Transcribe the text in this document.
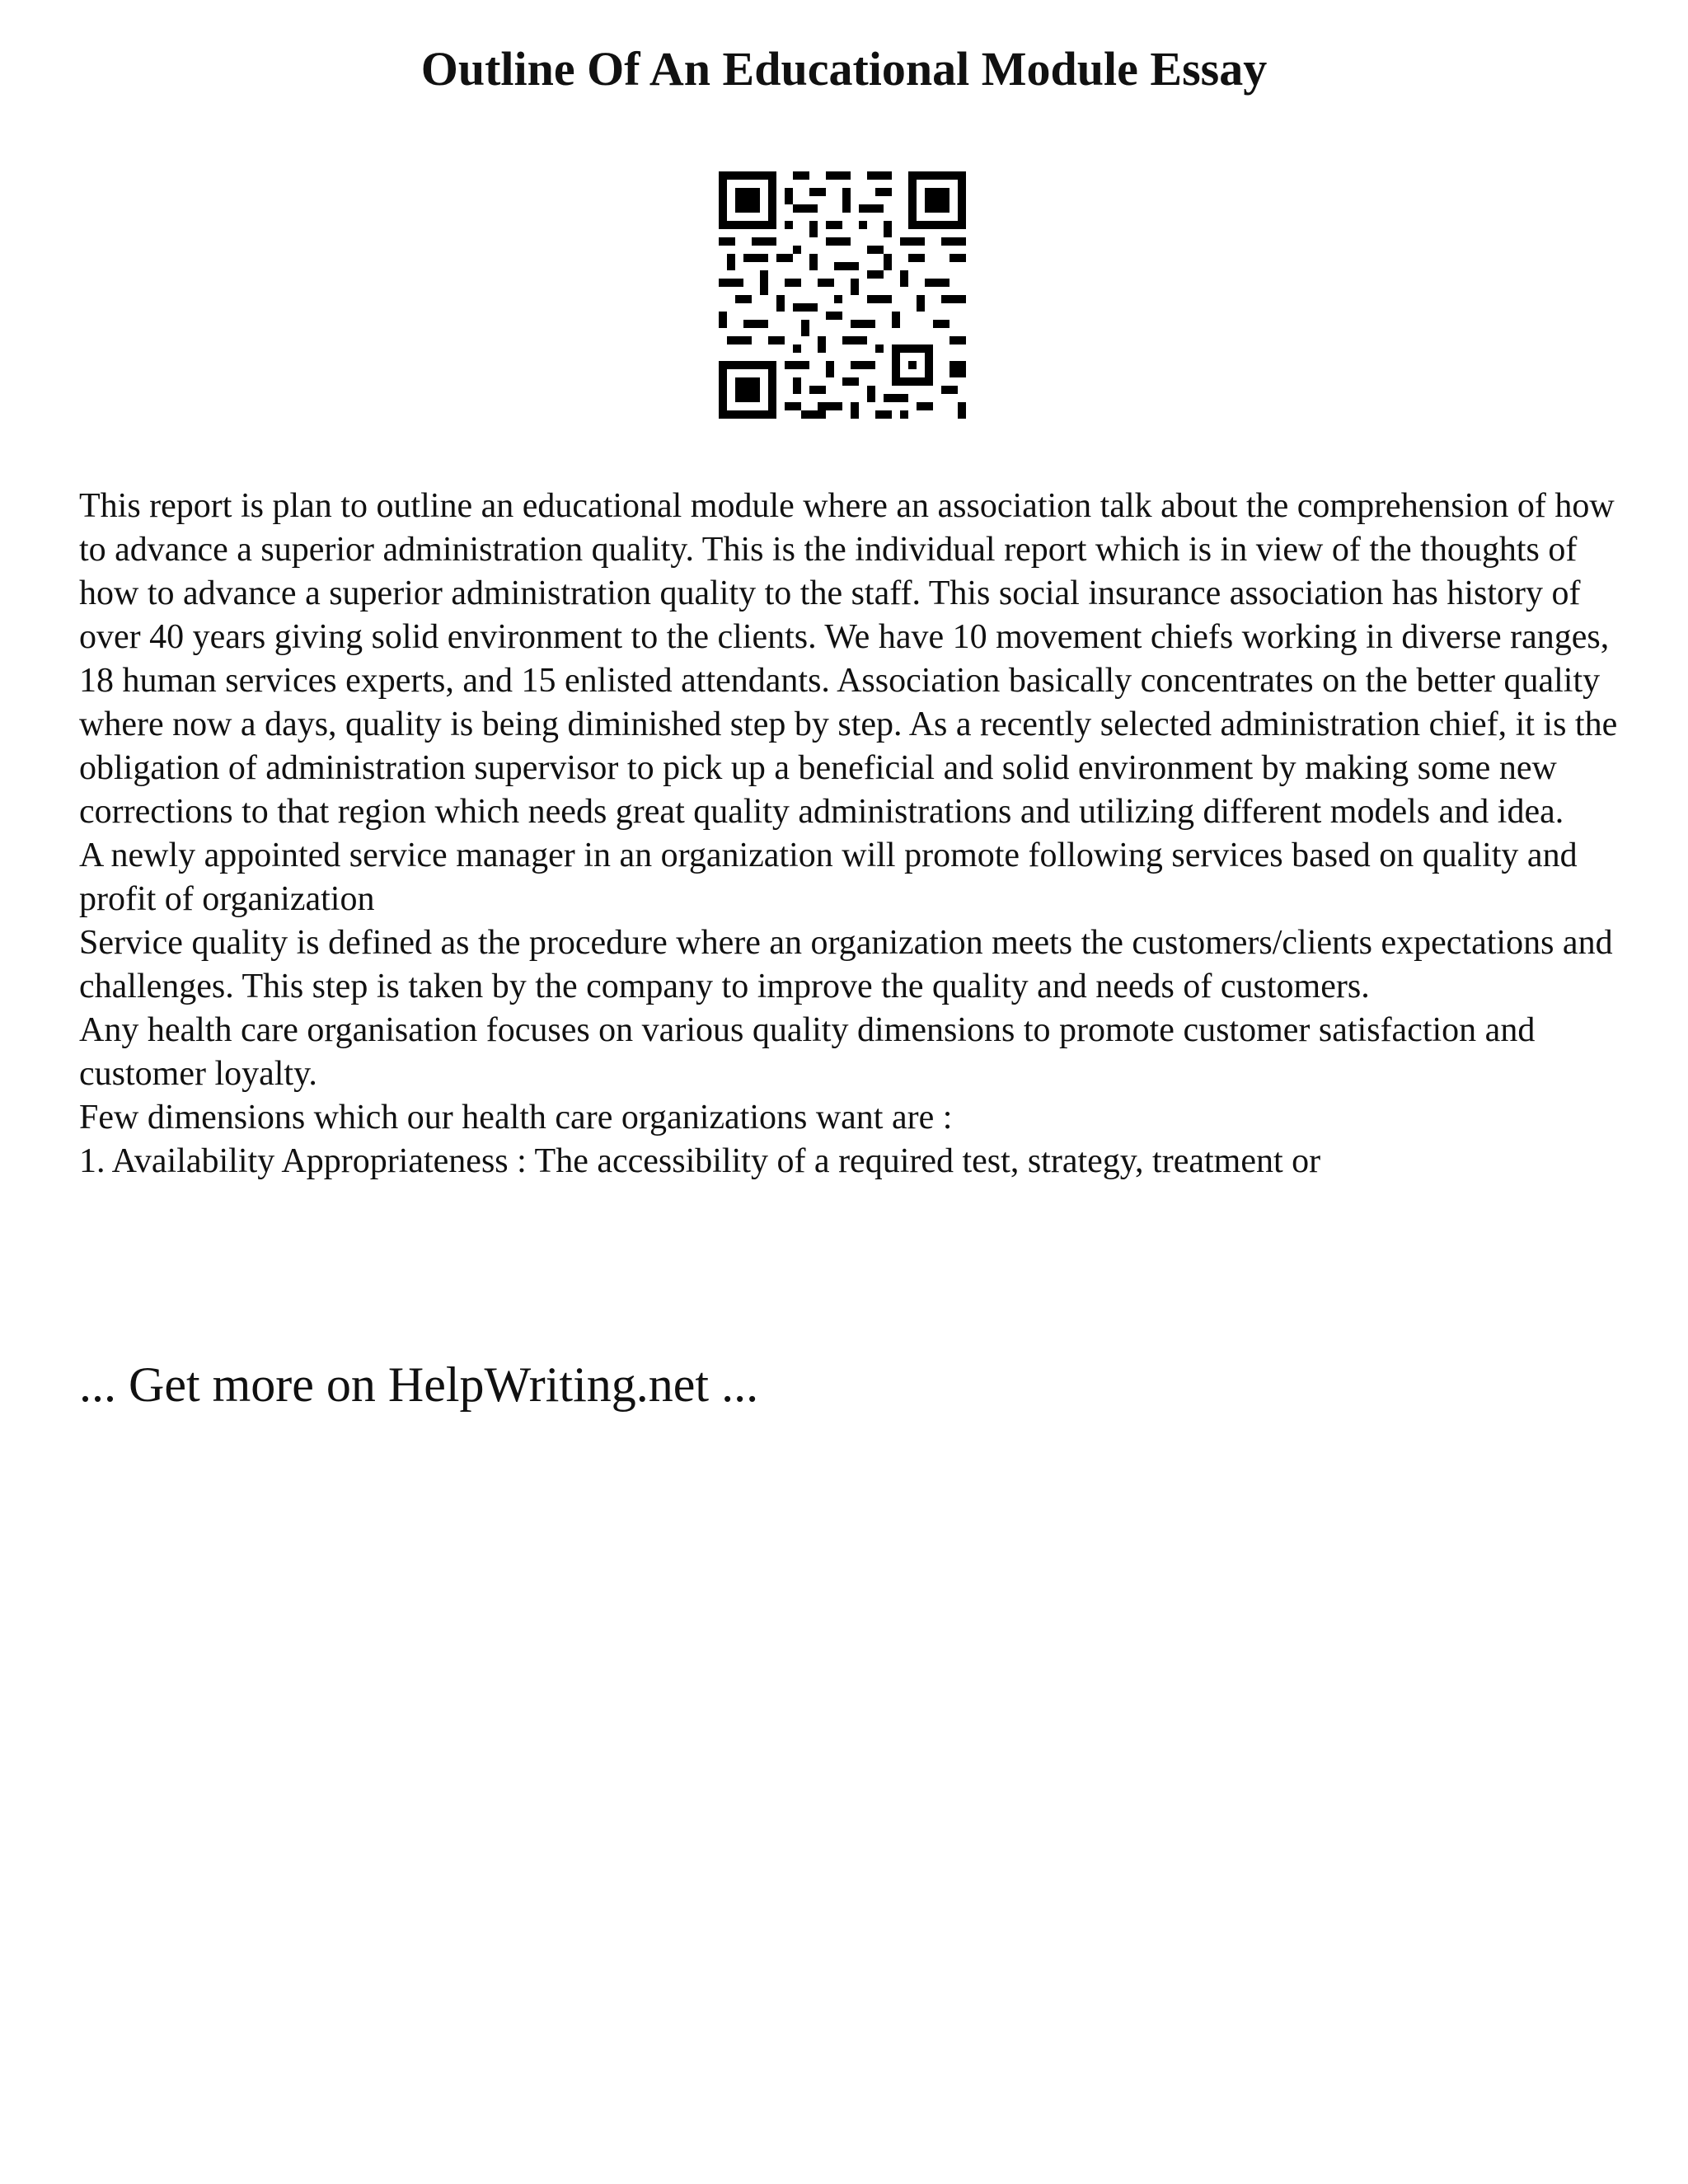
Outline Of An Educational Module Essay

This report is plan to outline an educational module where an association talk about the comprehension of how to advance a superior administration quality. This is the individual report which is in view of the thoughts of how to advance a superior administration quality to the staff. This social insurance association has history of over 40 years giving solid environment to the clients. We have 10 movement chiefs working in diverse ranges, 18 human services experts, and 15 enlisted attendants. Association basically concentrates on the better quality where now a days, quality is being diminished step by step. As a recently selected administration chief, it is the obligation of administration supervisor to pick up a beneficial and solid environment by making some new corrections to that region which needs great quality administrations and utilizing different models and idea.

A newly appointed service manager in an organization will promote following services based on quality and profit of organization

Service quality is defined as the procedure where an organization meets the customers/clients expectations and challenges. This step is taken by the company to improve the quality and needs of customers.

Any health care organisation focuses on various quality dimensions to promote customer satisfaction and customer loyalty.

Few dimensions which our health care organizations want are :

1. Availability Appropriateness : The accessibility of a required test, strategy, treatment or

... Get more on HelpWriting.net ...
